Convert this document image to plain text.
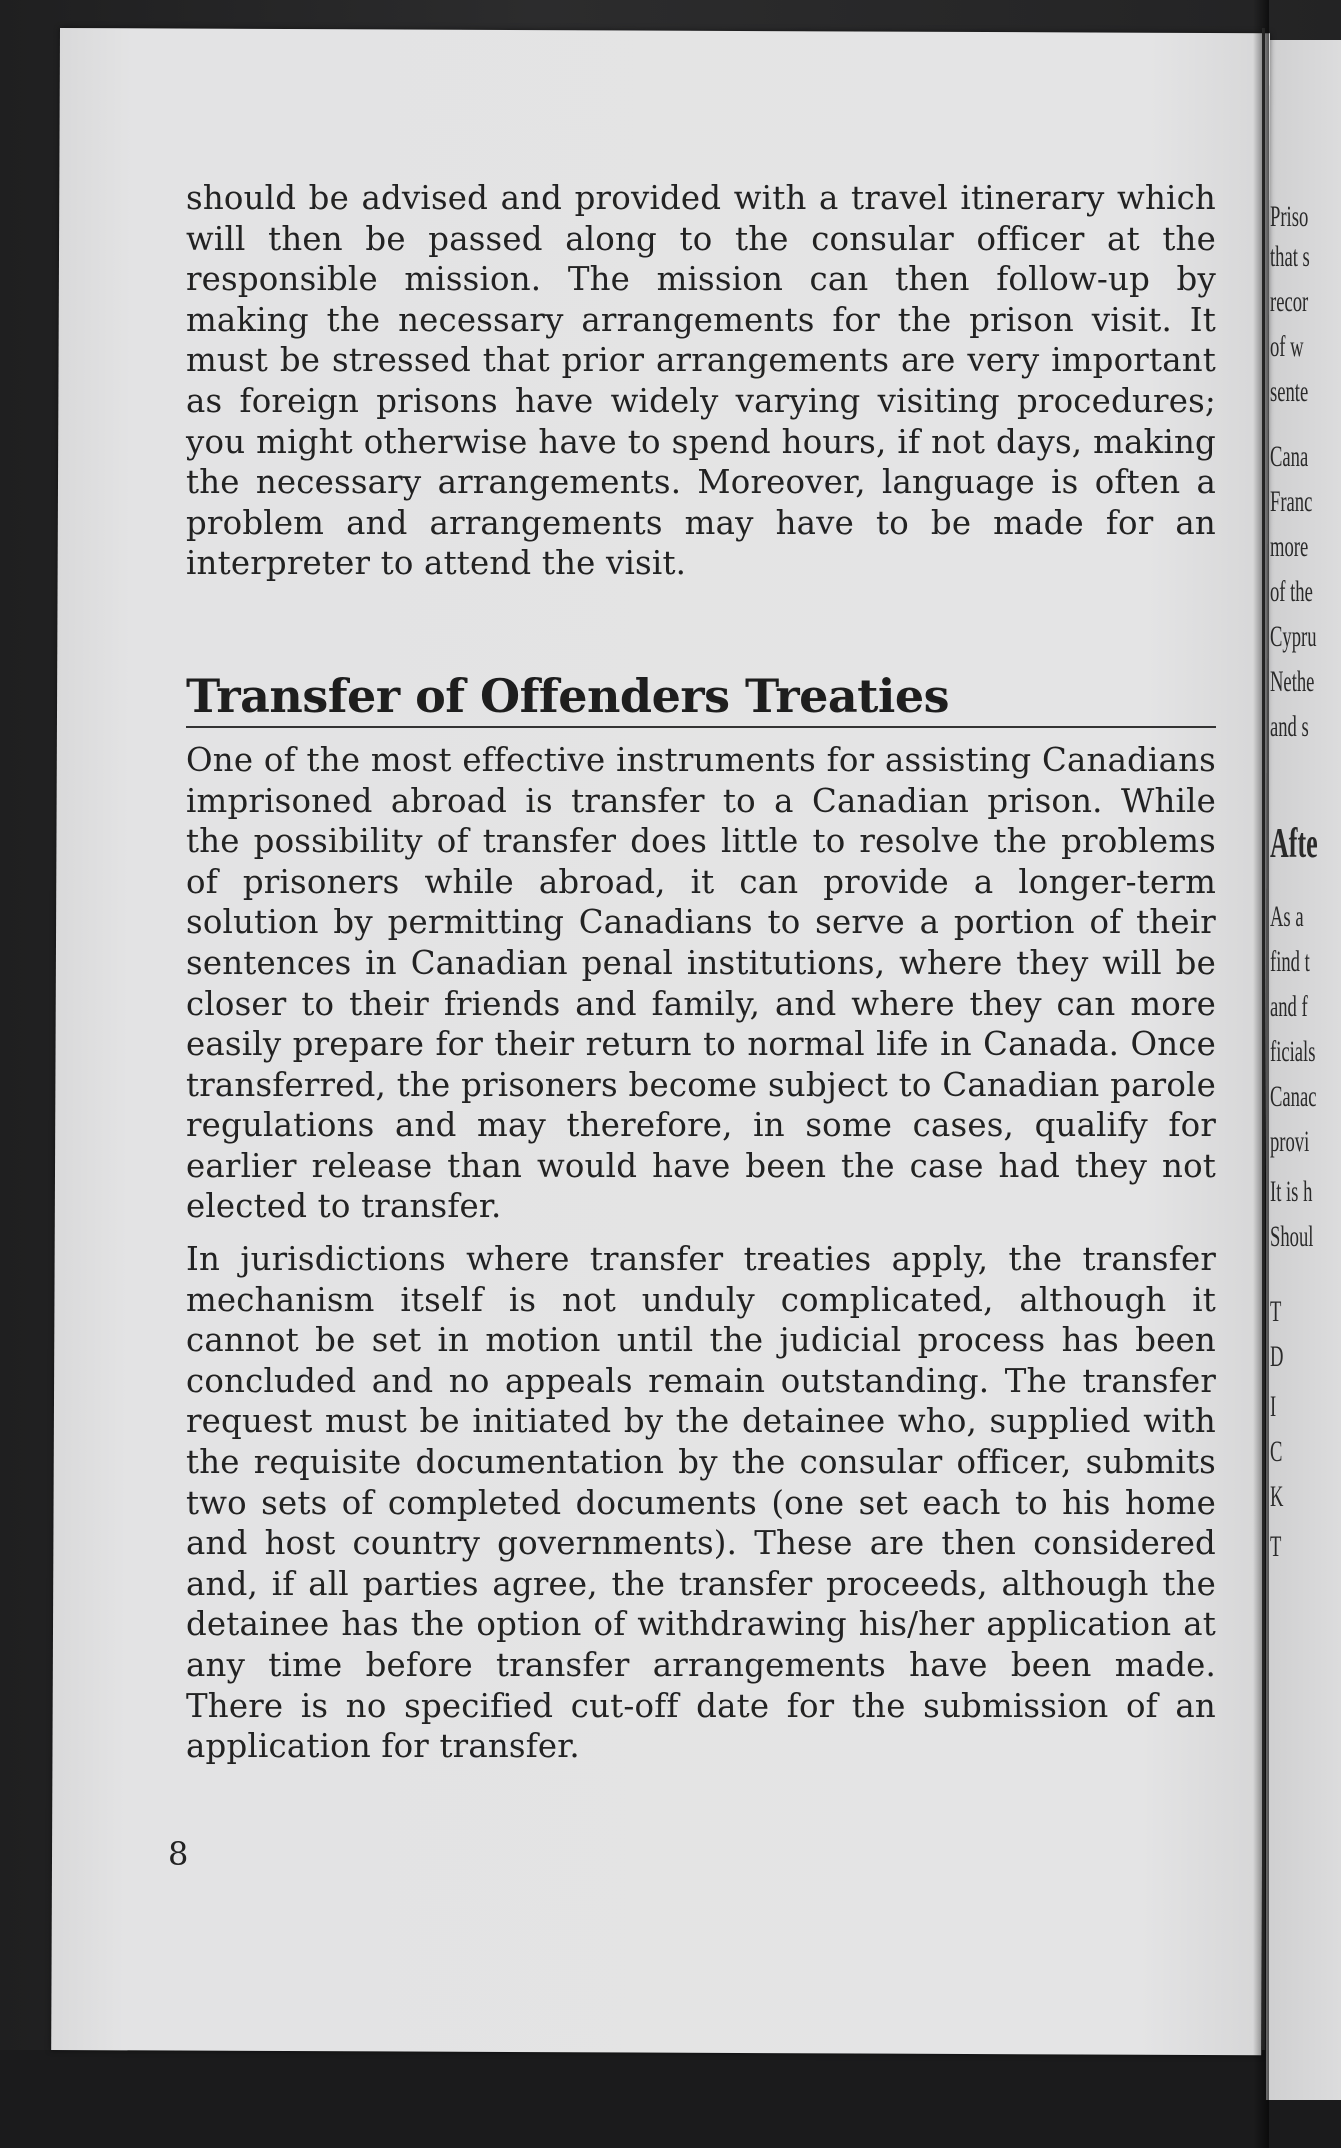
Priso
that s
recor
of w
sente
Cana
Franc
more
of the
Cypru
Nethe
and s
Afte
As a
find t
and f
ficials
Canac
provi
It is h
Shoul
T
D
I
C
K
T

should be advised and provided with a travel itinerary which will then be passed along to the consular officer at the responsible mission. The mission can then follow-up by making the necessary arrangements for the prison visit. It must be stressed that prior arrangements are very important as foreign prisons have widely varying visiting procedures; you might otherwise have to spend hours, if not days, making the necessary arrangements. Moreover, language is often a problem and arrangements may have to be made for an interpreter to attend the visit.

Transfer of Offenders Treaties

One of the most effective instruments for assisting Canadians imprisoned abroad is transfer to a Canadian prison. While the possibility of transfer does little to resolve the problems of prisoners while abroad, it can provide a longer-term solution by permitting Canadians to serve a portion of their sentences in Canadian penal institutions, where they will be closer to their friends and family, and where they can more easily prepare for their return to normal life in Canada. Once transferred, the prisoners become subject to Canadian parole regulations and may therefore, in some cases, qualify for earlier release than would have been the case had they not elected to transfer.

In jurisdictions where transfer treaties apply, the transfer mechanism itself is not unduly complicated, although it cannot be set in motion until the judicial process has been concluded and no appeals remain outstanding. The transfer request must be initiated by the detainee who, supplied with the requisite documentation by the consular officer, submits two sets of completed documents (one set each to his home and host country governments). These are then considered and, if all parties agree, the transfer proceeds, although the detainee has the option of withdrawing his/her application at any time before transfer arrangements have been made. There is no specified cut-off date for the submission of an application for transfer.

8
